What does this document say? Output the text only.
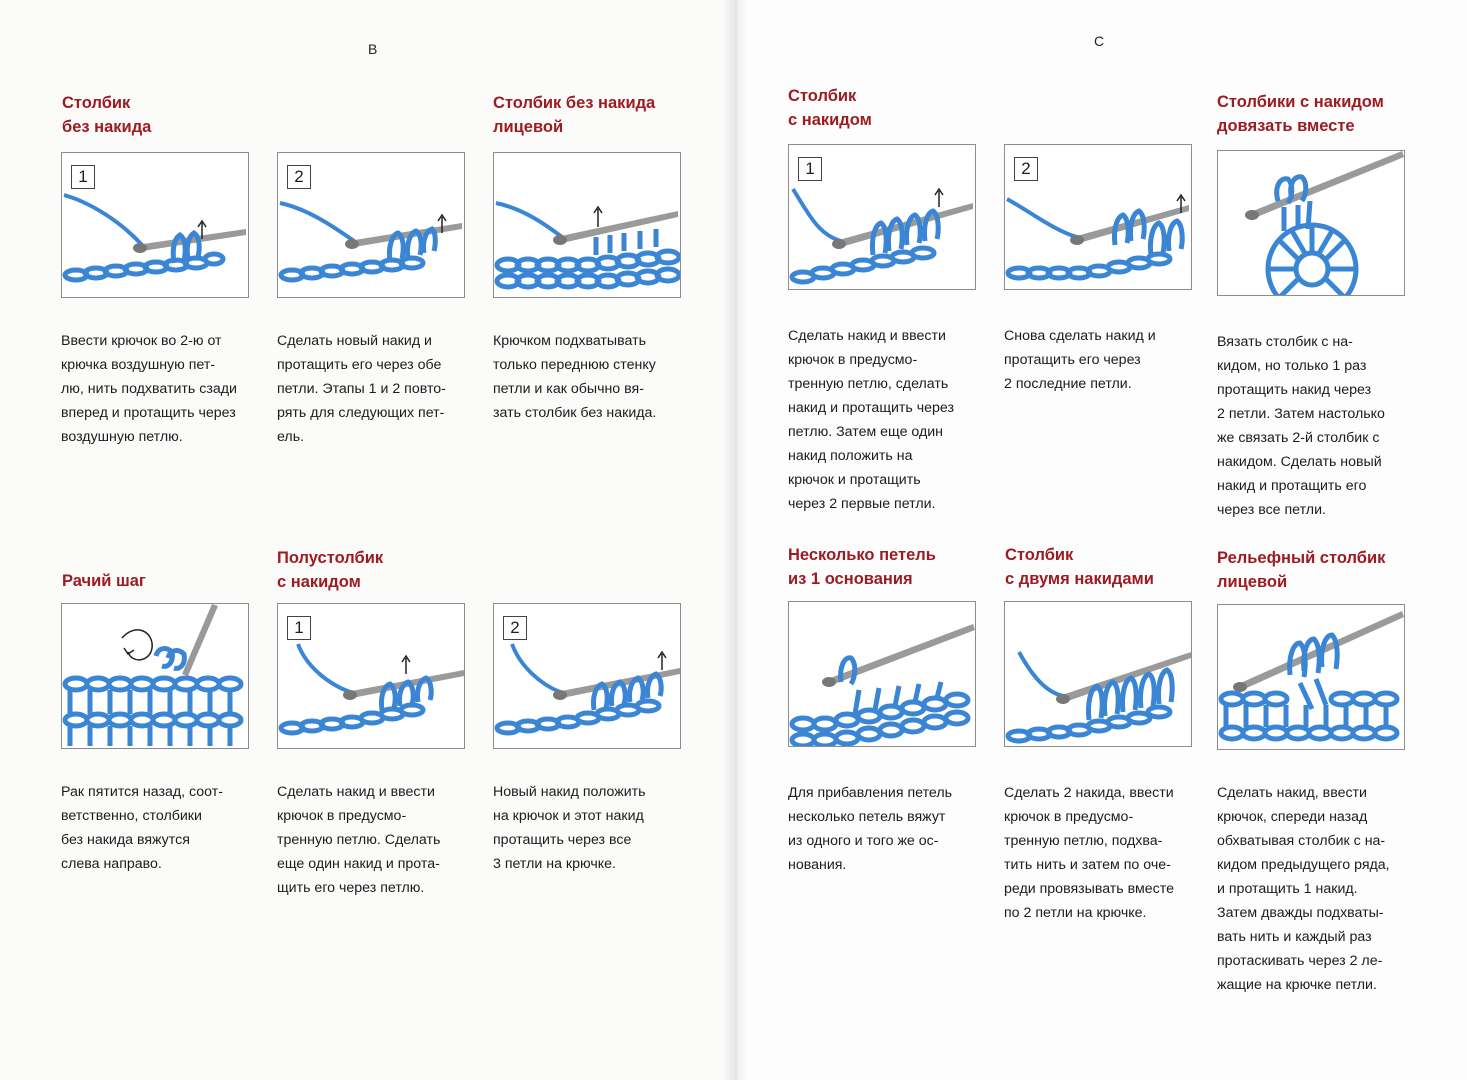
B	C
Столбик
без накида
1	2

Ввести крючок во 2-ю от
крючка воздушную пет-
лю, нить подхватить сзади
вперед и протащить через
воздушную петлю.

Сделать новый накид и
протащить его через обе
петли. Этапы 1 и 2 повто-
рять для следующих пет-
ель.

Столбик без накида
лицевой

Крючком подхватывать
только переднюю стенку
петли и как обычно вя-
зать столбик без накида.

Рачий шаг

Рак пятится назад, соот-
ветственно, столбики
без накида вяжутся
слева направо.

Полустолбик
с накидом
1	2

Сделать накид и ввести
крючок в предусмо-
тренную петлю. Сделать
еще один накид и прота-
щить его через петлю.

Новый накид положить
на крючок и этот накид
протащить через все
3 петли на крючке.

Столбик
с накидом
1	2

Сделать накид и ввести
крючок в предусмо-
тренную петлю, сделать
накид и протащить через
петлю. Затем еще один
накид положить на
крючок и протащить
через 2 первые петли.

Снова сделать накид и
протащить его через
2 последние петли.

Столбики с накидом
довязать вместе

Вязать столбик с на-
кидом, но только 1 раз
протащить накид через
2 петли. Затем настолько
же связать 2-й столбик с
накидом. Сделать новый
накид и протащить его
через все петли.

Несколько петель
из 1 основания

Для прибавления петель
несколько петель вяжут
из одного и того же ос-
нования.

Столбик
с двумя накидами

Сделать 2 накида, ввести
крючок в предусмо-
тренную петлю, подхва-
тить нить и затем по оче-
реди провязывать вместе
по 2 петли на крючке.

Рельефный столбик
лицевой

Сделать накид, ввести
крючок, спереди назад
обхватывая столбик с на-
кидом предыдущего ряда,
и протащить 1 накид.
Затем дважды подхваты-
вать нить и каждый раз
протаскивать через 2 ле-
жащие на крючке петли.
